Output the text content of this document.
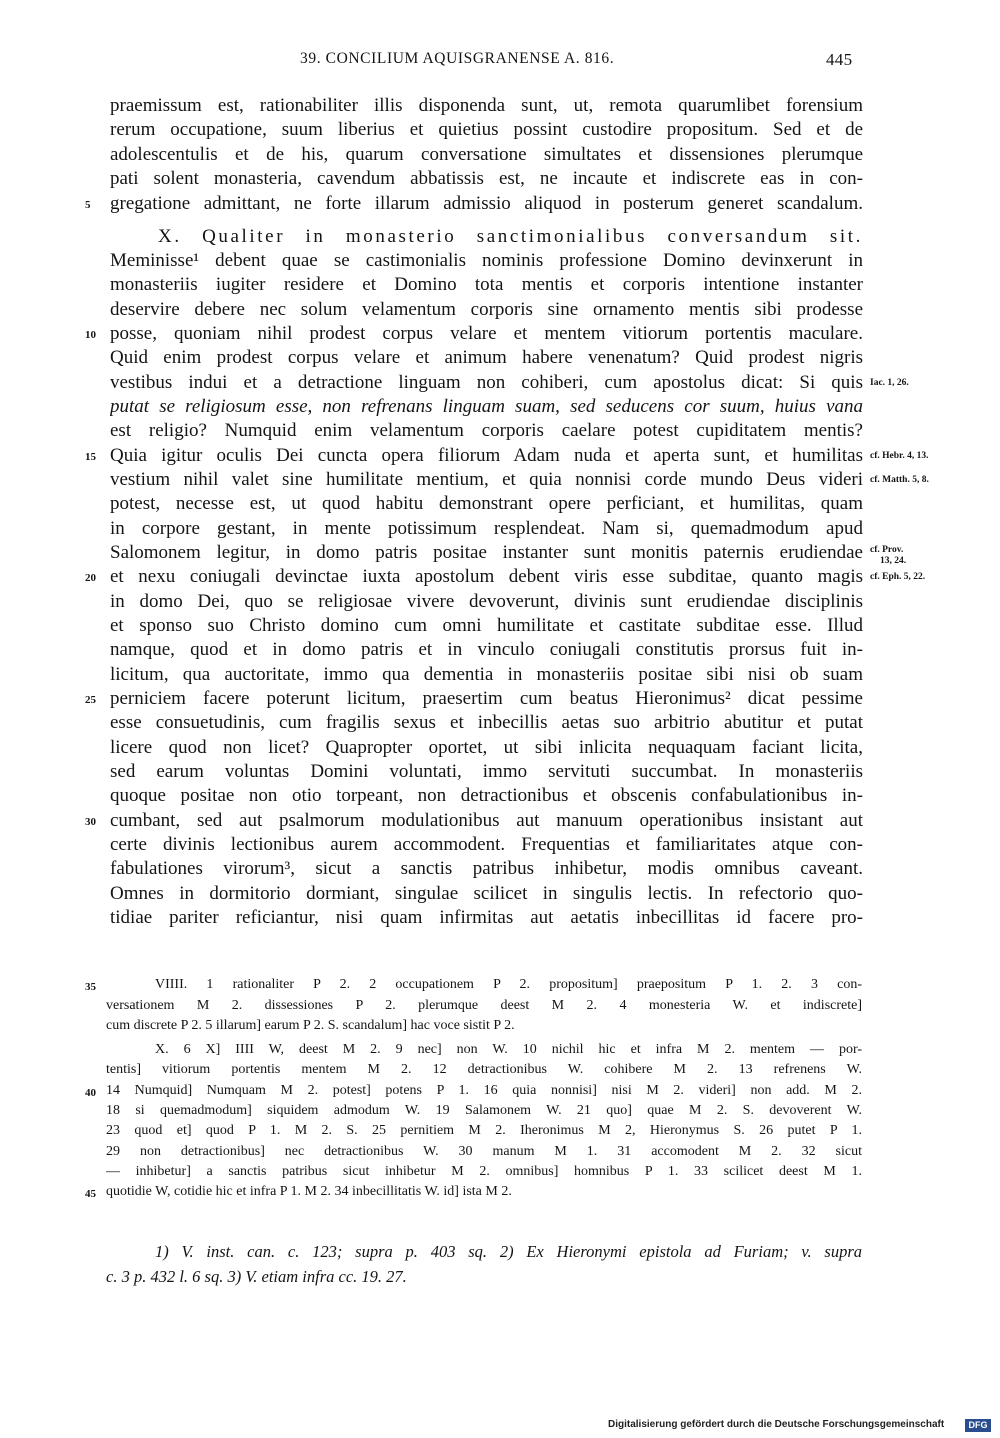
39. CONCILIUM AQUISGRANENSE A. 816.	445
praemissum est, rationabiliter illis disponenda sunt, ut, remota quarumlibet forensium
rerum occupatione, suum liberius et quietius possint custodire propositum. Sed et de
adolescentulis et de his, quarum conversatione simultates et dissensiones plerumque
pati solent monasteria, cavendum abbatissis est, ne incaute et indiscrete eas in con-
gregatione admittant, ne forte illarum admissio aliquod in posterum generet scandalum.
X. Qualiter in monasterio sanctimonialibus conversandum sit.
Meminisse¹ debent quae se castimonialis nominis professione Domino devinxerunt in
monasteriis iugiter residere et Domino tota mentis et corporis intentione instanter
deservire debere nec solum velamentum corporis sine ornamento mentis sibi prodesse
posse, quoniam nihil prodest corpus velare et mentem vitiorum portentis maculare.
Quid enim prodest corpus velare et animum habere venenatum? Quid prodest nigris
vestibus indui et a detractione linguam non cohiberi, cum apostolus dicat: Si quis
putat se religiosum esse, non refrenans linguam suam, sed seducens cor suum, huius vana
est religio? Numquid enim velamentum corporis caelare potest cupiditatem mentis?
Quia igitur oculis Dei cuncta opera filiorum Adam nuda et aperta sunt, et humilitas
vestium nihil valet sine humilitate mentium, et quia nonnisi corde mundo Deus videri
potest, necesse est, ut quod habitu demonstrant opere perficiant, et humilitas, quam
in corpore gestant, in mente potissimum resplendeat. Nam si, quemadmodum apud
Salomonem legitur, in domo patris positae instanter sunt monitis paternis erudiendae
et nexu coniugali devinctae iuxta apostolum debent viris esse subditae, quanto magis
in domo Dei, quo se religiosae vivere devoverunt, divinis sunt erudiendae disciplinis
et sponso suo Christo domino cum omni humilitate et castitate subditae esse. Illud
namque, quod et in domo patris et in vinculo coniugali constitutis prorsus fuit in-
licitum, qua auctoritate, immo qua dementia in monasteriis positae sibi nisi ob suam
perniciem facere poterunt licitum, praesertim cum beatus Hieronimus² dicat pessime
esse consuetudinis, cum fragilis sexus et inbecillis aetas suo arbitrio abutitur et putat
licere quod non licet? Quapropter oportet, ut sibi inlicita nequaquam faciant licita,
sed earum voluntas Domini voluntati, immo servituti succumbat. In monasteriis
quoque positae non otio torpeant, non detractionibus et obscenis confabulationibus in-
cumbant, sed aut psalmorum modulationibus aut manuum operationibus insistant aut
certe divinis lectionibus aurem accommodent. Frequentias et familiaritates atque con-
fabulationes virorum³, sicut a sanctis patribus inhibetur, modis omnibus caveant.
Omnes in dormitorio dormiant, singulae scilicet in singulis lectis. In refectorio quo-
tidiae pariter reficiantur, nisi quam infirmitas aut aetatis inbecillitas id facere pro-
5
10
15
20
25
30
Iac. 1, 26.
cf. Hebr. 4, 13.
cf. Matth. 5, 8.
cf. Prov.
13, 24.
cf. Eph. 5, 22.
VIIII. 1 rationaliter P 2. 2 occupationem P 2. propositum] praepositum P 1. 2. 3 con-
versationem M 2. dissessiones P 2. plerumque deest M 2. 4 monesteria W. et indiscrete]
cum discrete P 2. 5 illarum] earum P 2. S. scandalum] hac voce sistit P 2.
X. 6 X] IIII W, deest M 2. 9 nec] non W. 10 nichil hic et infra M 2. mentem — por-
tentis] vitiorum portentis mentem M 2. 12 detractionibus W. cohibere M 2. 13 refrenens W.
14 Numquid] Numquam M 2. potest] potens P 1. 16 quia nonnisi] nisi M 2. videri] non add. M 2.
18 si quemadmodum] siquidem admodum W. 19 Salamonem W. 21 quo] quae M 2. S. devoverent W.
23 quod et] quod P 1. M 2. S. 25 pernitiem M 2. Iheronimus M 2, Hieronymus S. 26 putet P 1.
29 non detractionibus] nec detractionibus W. 30 manum M 1. 31 accomodent M 2. 32 sicut
— inhibetur] a sanctis patribus sicut inhibetur M 2. omnibus] homnibus P 1. 33 scilicet deest M 1.
quotidie W, cotidie hic et infra P 1. M 2. 34 inbecillitatis W. id] ista M 2.
35
40
45
1) V. inst. can. c. 123; supra p. 403 sq. 2) Ex Hieronymi epistola ad Furiam; v. supra
c. 3 p. 432 l. 6 sq. 3) V. etiam infra cc. 19. 27.
Digitalisierung gefördert durch die Deutsche Forschungsgemeinschaft	DFG
